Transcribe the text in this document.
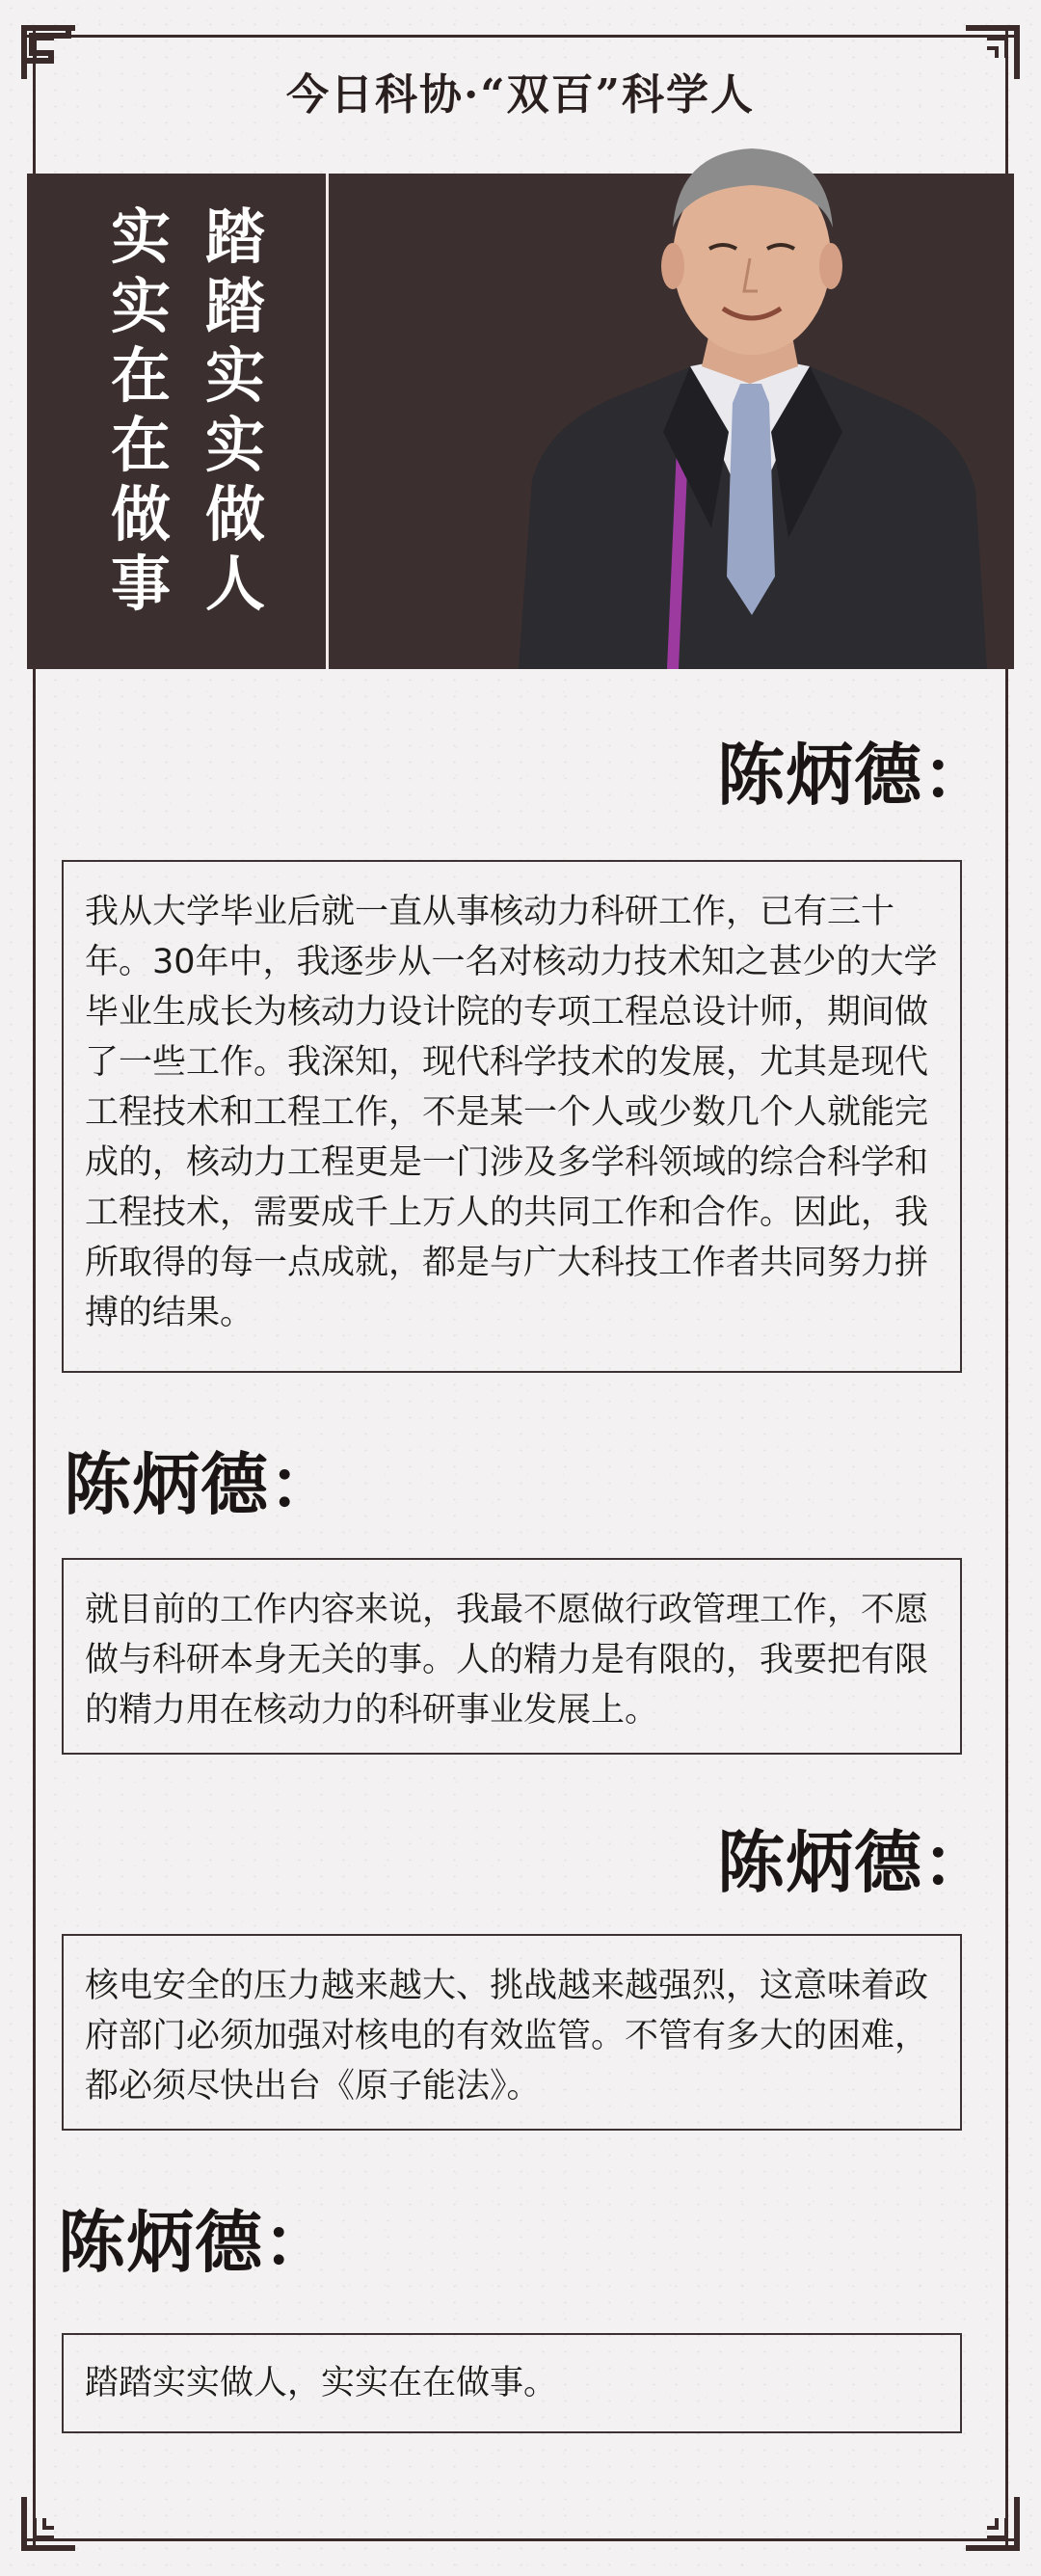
今日科协·“双百”科学人
踏
踏
实
实
做
人
实
实
在
在
做
事
陈炳德：
我从大学毕业后就一直从事核动力科研工作，已有三十年。30年中，我逐步从一名对核动力技术知之甚少的大学毕业生成长为核动力设计院的专项工程总设计师，期间做了一些工作。我深知，现代科学技术的发展，尤其是现代工程技术和工程工作，不是某一个人或少数几个人就能完成的，核动力工程更是一门涉及多学科领域的综合科学和工程技术，需要成千上万人的共同工作和合作。因此，我所取得的每一点成就，都是与广大科技工作者共同努力拼搏的结果。
陈炳德：
就目前的工作内容来说，我最不愿做行政管理工作，不愿做与科研本身无关的事。人的精力是有限的，我要把有限的精力用在核动力的科研事业发展上。
陈炳德：
核电安全的压力越来越大、挑战越来越强烈，这意味着政府部门必须加强对核电的有效监管。不管有多大的困难，都必须尽快出台《原子能法》。
陈炳德：
踏踏实实做人，实实在在做事。
